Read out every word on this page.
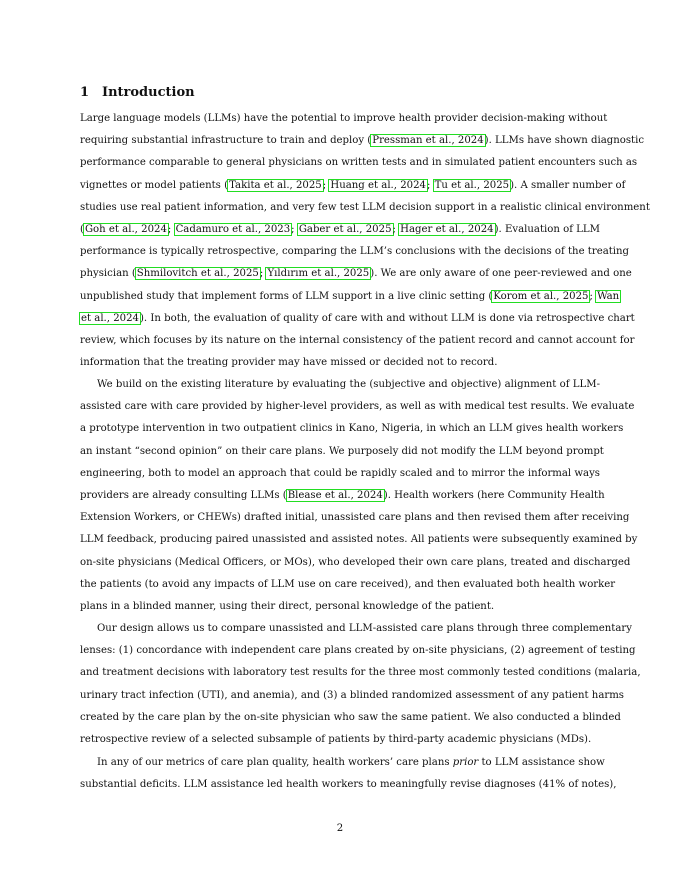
1 Introduction
Large language models (LLMs) have the potential to improve health provider decision-making without
requiring substantial infrastructure to train and deploy (Pressman et al., 2024). LLMs have shown diagnostic
performance comparable to general physicians on written tests and in simulated patient encounters such as
vignettes or model patients (Takita et al., 2025; Huang et al., 2024; Tu et al., 2025). A smaller number of
studies use real patient information, and very few test LLM decision support in a realistic clinical environment
(Goh et al., 2024; Cadamuro et al., 2023; Gaber et al., 2025; Hager et al., 2024). Evaluation of LLM
performance is typically retrospective, comparing the LLM’s conclusions with the decisions of the treating
physician (Shmilovitch et al., 2025; Yıldırım et al., 2025). We are only aware of one peer-reviewed and one
unpublished study that implement forms of LLM support in a live clinic setting (Korom et al., 2025; Wan
et al., 2024). In both, the evaluation of quality of care with and without LLM is done via retrospective chart
review, which focuses by its nature on the internal consistency of the patient record and cannot account for
information that the treating provider may have missed or decided not to record.
We build on the existing literature by evaluating the (subjective and objective) alignment of LLM-
assisted care with care provided by higher-level providers, as well as with medical test results. We evaluate
a prototype intervention in two outpatient clinics in Kano, Nigeria, in which an LLM gives health workers
an instant “second opinion” on their care plans. We purposely did not modify the LLM beyond prompt
engineering, both to model an approach that could be rapidly scaled and to mirror the informal ways
providers are already consulting LLMs (Blease et al., 2024). Health workers (here Community Health
Extension Workers, or CHEWs) drafted initial, unassisted care plans and then revised them after receiving
LLM feedback, producing paired unassisted and assisted notes. All patients were subsequently examined by
on-site physicians (Medical Officers, or MOs), who developed their own care plans, treated and discharged
the patients (to avoid any impacts of LLM use on care received), and then evaluated both health worker
plans in a blinded manner, using their direct, personal knowledge of the patient.
Our design allows us to compare unassisted and LLM-assisted care plans through three complementary
lenses: (1) concordance with independent care plans created by on-site physicians, (2) agreement of testing
and treatment decisions with laboratory test results for the three most commonly tested conditions (malaria,
urinary tract infection (UTI), and anemia), and (3) a blinded randomized assessment of any patient harms
created by the care plan by the on-site physician who saw the same patient. We also conducted a blinded
retrospective review of a selected subsample of patients by third-party academic physicians (MDs).
In any of our metrics of care plan quality, health workers’ care plans prior to LLM assistance show
substantial deficits. LLM assistance led health workers to meaningfully revise diagnoses (41% of notes),
2
